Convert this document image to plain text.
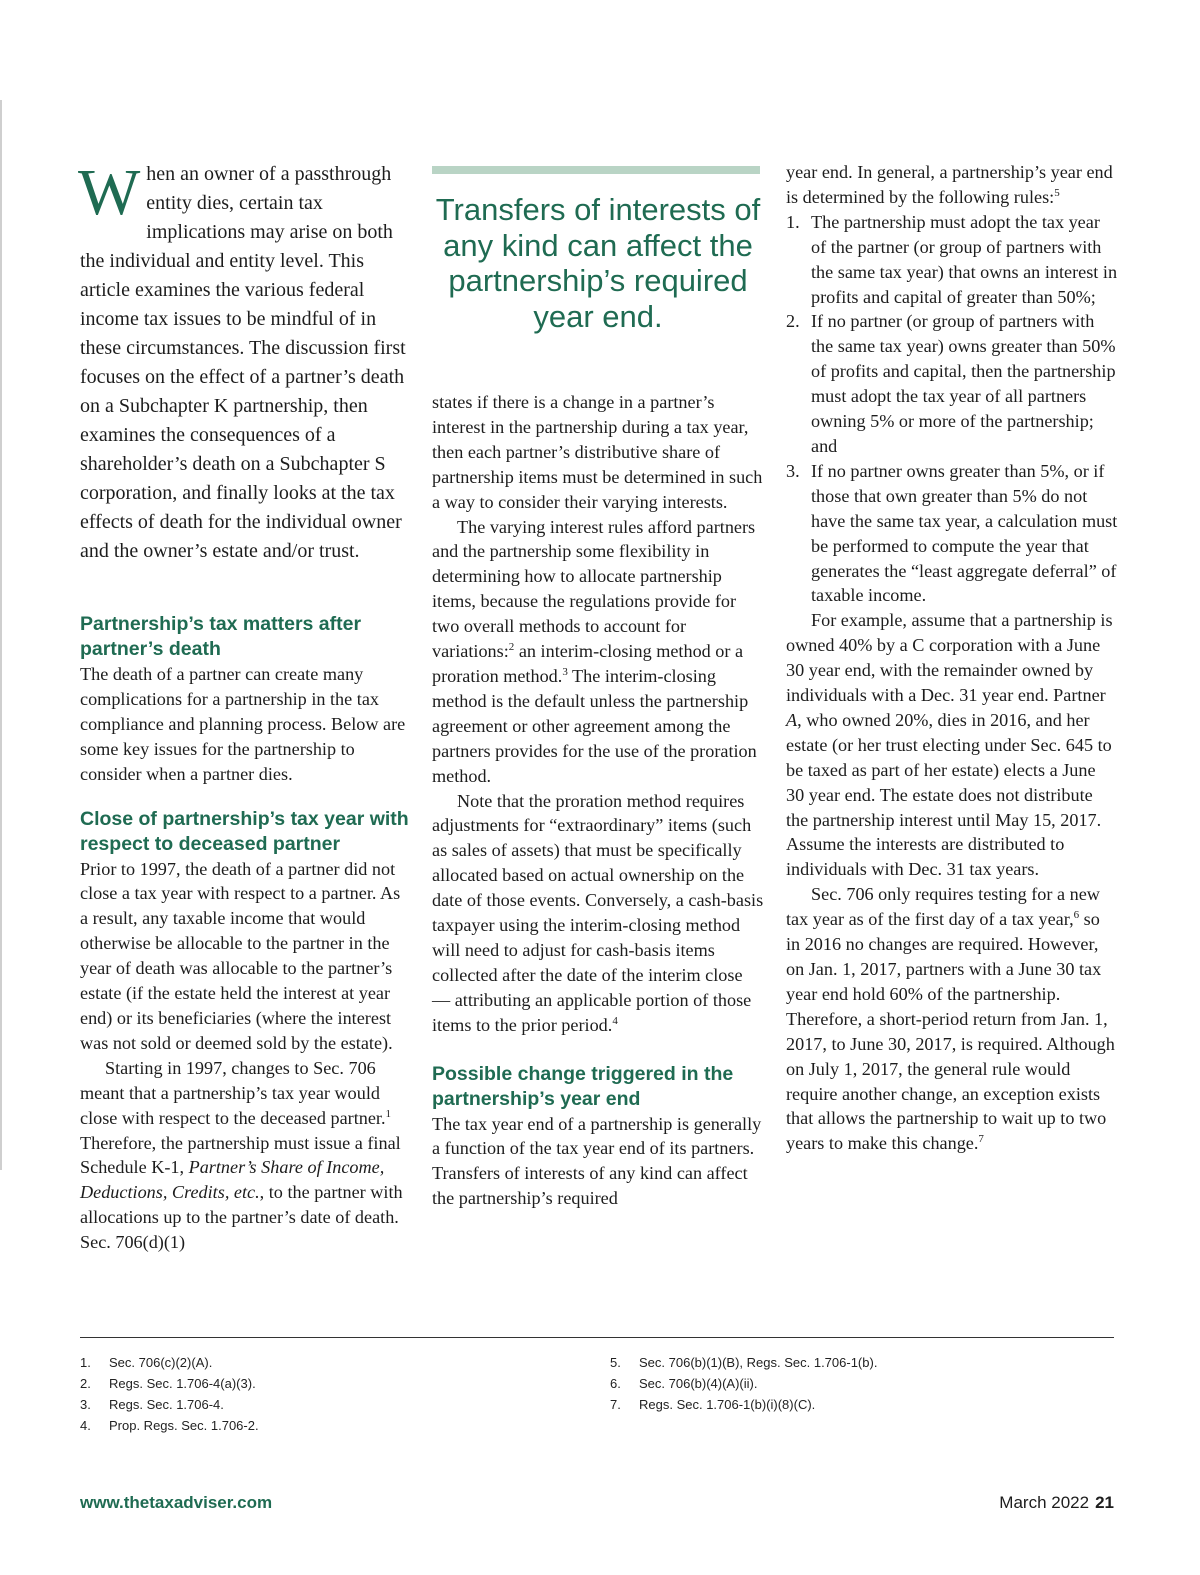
When an owner of a passthrough entity dies, certain tax implications may arise on both the individual and entity level. This article examines the various federal income tax issues to be mindful of in these circumstances. The discussion first focuses on the effect of a partner’s death on a Subchapter K partnership, then examines the consequences of a shareholder’s death on a Subchapter S corporation, and finally looks at the tax effects of death for the individual owner and the owner’s estate and/or trust.

Partnership’s tax matters after partner’s death

The death of a partner can create many complications for a partnership in the tax compliance and planning process. Below are some key issues for the partnership to consider when a partner dies.

Close of partnership’s tax year with respect to deceased partner

Prior to 1997, the death of a partner did not close a tax year with respect to a partner. As a result, any taxable income that would otherwise be allocable to the partner in the year of death was allocable to the partner’s estate (if the estate held the interest at year end) or its beneficiaries (where the interest was not sold or deemed sold by the estate).

Starting in 1997, changes to Sec. 706 meant that a partnership’s tax year would close with respect to the deceased partner.$^1$ Therefore, the partnership must issue a final Schedule K-1, Partner’s Share of Income, Deductions, Credits, etc., to the partner with allocations up to the partner’s date of death. Sec. 706(d)(1)

Transfers of interests of any kind can affect the partnership’s required year end.

states if there is a change in a partner’s interest in the partnership during a tax year, then each partner’s distributive share of partnership items must be determined in such a way to consider their varying interests.

The varying interest rules afford partners and the partnership some flexibility in determining how to allocate partnership items, because the regulations provide for two overall methods to account for variations:$^2$ an interim-closing method or a proration method.$^3$ The interim-closing method is the default unless the partnership agreement or other agreement among the partners provides for the use of the proration method.

Note that the proration method requires adjustments for “extraordinary” items (such as sales of assets) that must be specifically allocated based on actual ownership on the date of those events. Conversely, a cash-basis taxpayer using the interim-closing method will need to adjust for cash-basis items collected after the date of the interim close — attributing an applicable portion of those items to the prior period.$^4$

Possible change triggered in the partnership’s year end

The tax year end of a partnership is generally a function of the tax year end of its partners. Transfers of interests of any kind can affect the partnership’s required

year end. In general, a partnership’s year end is determined by the following rules:$^5$

1. The partnership must adopt the tax year of the partner (or group of partners with the same tax year) that owns an interest in profits and capital of greater than 50%;
2. If no partner (or group of partners with the same tax year) owns greater than 50% of profits and capital, then the partnership must adopt the tax year of all partners owning 5% or more of the partnership; and
3. If no partner owns greater than 5%, or if those that own greater than 5% do not have the same tax year, a calculation must be performed to compute the year that generates the “least aggregate deferral” of taxable income.

For example, assume that a partnership is owned 40% by a C corporation with a June 30 year end, with the remainder owned by individuals with a Dec. 31 year end. Partner A, who owned 20%, dies in 2016, and her estate (or her trust electing under Sec. 645 to be taxed as part of her estate) elects a June 30 year end. The estate does not distribute the partnership interest until May 15, 2017. Assume the interests are distributed to individuals with Dec. 31 tax years.

Sec. 706 only requires testing for a new tax year as of the first day of a tax year,$^6$ so in 2016 no changes are required. However, on Jan. 1, 2017, partners with a June 30 tax year end hold 60% of the partnership. Therefore, a short-period return from Jan. 1, 2017, to June 30, 2017, is required. Although on July 1, 2017, the general rule would require another change, an exception exists that allows the partnership to wait up to two years to make this change.$^7$

1. Sec. 706(c)(2)(A).
2. Regs. Sec. 1.706-4(a)(3).
3. Regs. Sec. 1.706-4.
4. Prop. Regs. Sec. 1.706-2.
5. Sec. 706(b)(1)(B), Regs. Sec. 1.706-1(b).
6. Sec. 706(b)(4)(A)(ii).
7. Regs. Sec. 1.706-1(b)(i)(8)(C).
www.thetaxadviser.com	March 2022 21
